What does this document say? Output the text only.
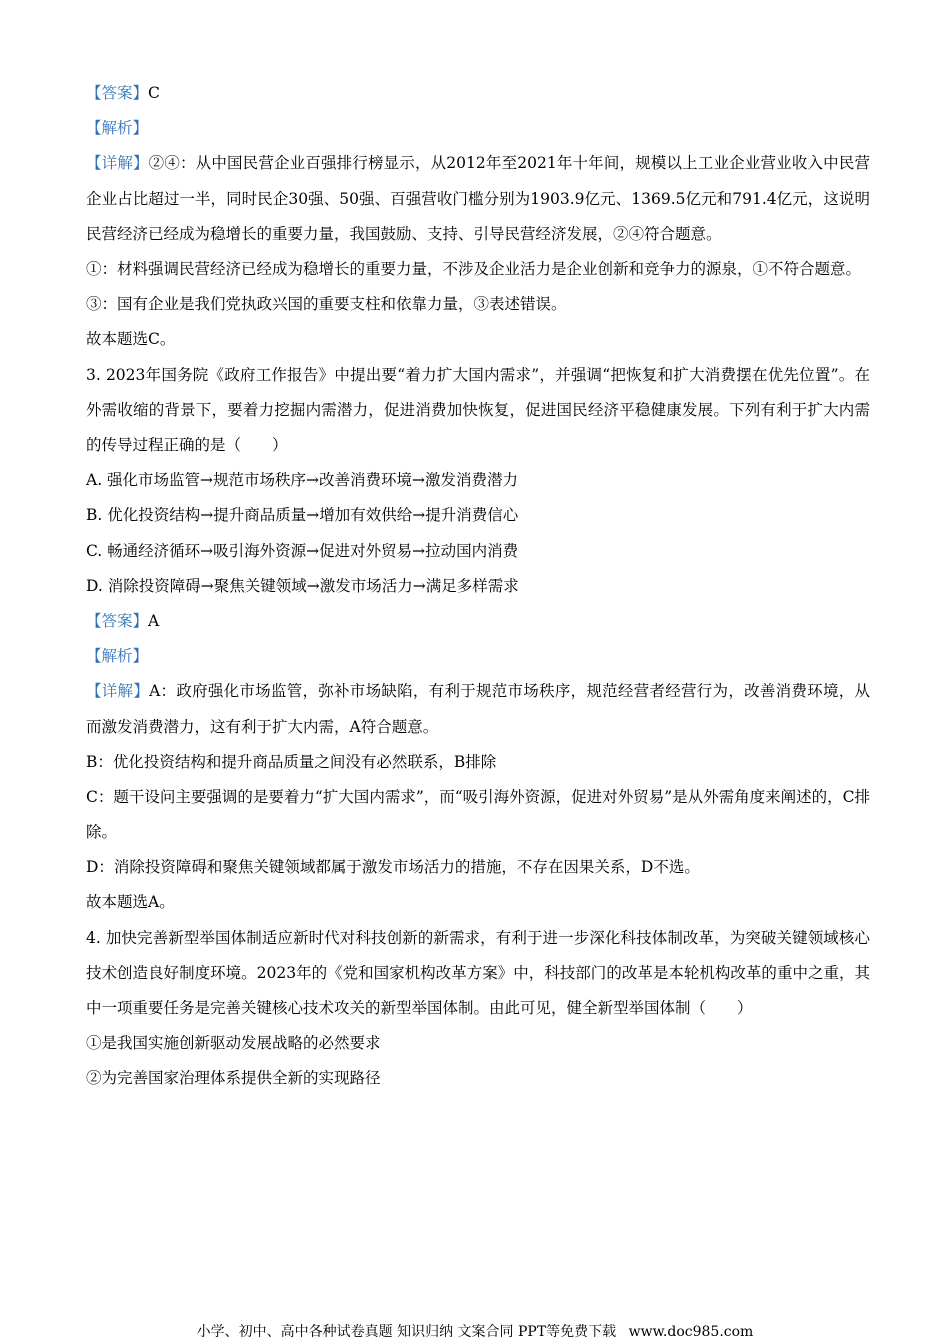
【答案】C
【解析】
【详解】②④：从中国民营企业百强排行榜显示，从2012年至2021年十年间，规模以上工业企业营业收入中民营企业占比超过一半，同时民企30强、50强、百强营收门槛分别为1903.9亿元、1369.5亿元和791.4亿元，这说明民营经济已经成为稳增长的重要力量，我国鼓励、支持、引导民营经济发展，②④符合题意。
①：材料强调民营经济已经成为稳增长的重要力量，不涉及企业活力是企业创新和竞争力的源泉，①不符合题意。
③：国有企业是我们党执政兴国的重要支柱和依靠力量，③表述错误。
故本题选C。
3. 2023年国务院《政府工作报告》中提出要“着力扩大国内需求”，并强调“把恢复和扩大消费摆在优先位置”。在外需收缩的背景下，要着力挖掘内需潜力，促进消费加快恢复，促进国民经济平稳健康发展。下列有利于扩大内需的传导过程正确的是（　　）
A. 强化市场监管→规范市场秩序→改善消费环境→激发消费潜力
B. 优化投资结构→提升商品质量→增加有效供给→提升消费信心
C. 畅通经济循环→吸引海外资源→促进对外贸易→拉动国内消费
D. 消除投资障碍→聚焦关键领域→激发市场活力→满足多样需求
【答案】A
【解析】
【详解】A：政府强化市场监管，弥补市场缺陷，有利于规范市场秩序，规范经营者经营行为，改善消费环境，从而激发消费潜力，这有利于扩大内需，A符合题意。
B：优化投资结构和提升商品质量之间没有必然联系，B排除
C：题干设问主要强调的是要着力“扩大国内需求”，而“吸引海外资源，促进对外贸易”是从外需角度来阐述的，C排除。
D：消除投资障碍和聚焦关键领域都属于激发市场活力的措施，不存在因果关系，D不选。
故本题选A。
4. 加快完善新型举国体制适应新时代对科技创新的新需求，有利于进一步深化科技体制改革，为突破关键领域核心技术创造良好制度环境。2023年的《党和国家机构改革方案》中，科技部门的改革是本轮机构改革的重中之重，其中一项重要任务是完善关键核心技术攻关的新型举国体制。由此可见，健全新型举国体制（　　）
①是我国实施创新驱动发展战略的必然要求
②为完善国家治理体系提供全新的实现路径
小学、初中、高中各种试卷真题 知识归纳 文案合同 PPT等免费下载 www.doc985.com
